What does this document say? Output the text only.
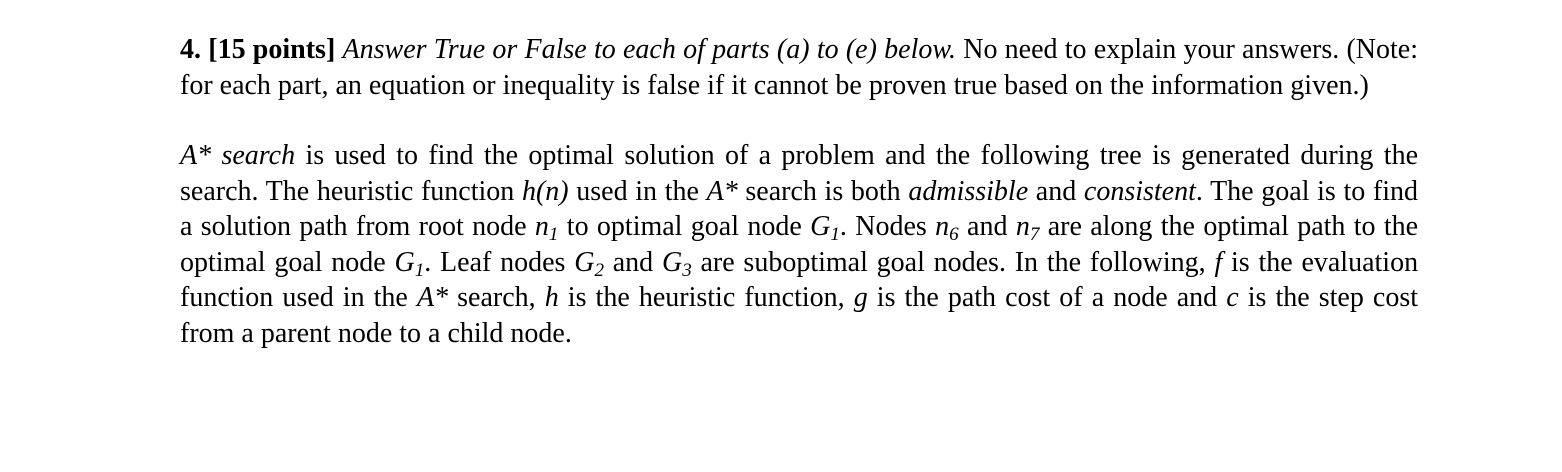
4. [15 points] Answer True or False to each of parts (a) to (e) below. No need to explain your answers. (Note: for each part, an equation or inequality is false if it cannot be proven true based on the information given.)

A* search is used to find the optimal solution of a problem and the following tree is generated during the search. The heuristic function h(n) used in the A* search is both admissible and consistent. The goal is to find a solution path from root node $n_1$ to optimal goal node $G_1$. Nodes $n_6$ and $n_7$ are along the optimal path to the optimal goal node $G_1$. Leaf nodes $G_2$ and $G_3$ are suboptimal goal nodes. In the following, f is the evaluation function used in the A* search, h is the heuristic function, g is the path cost of a node and c is the step cost from a parent node to a child node.
